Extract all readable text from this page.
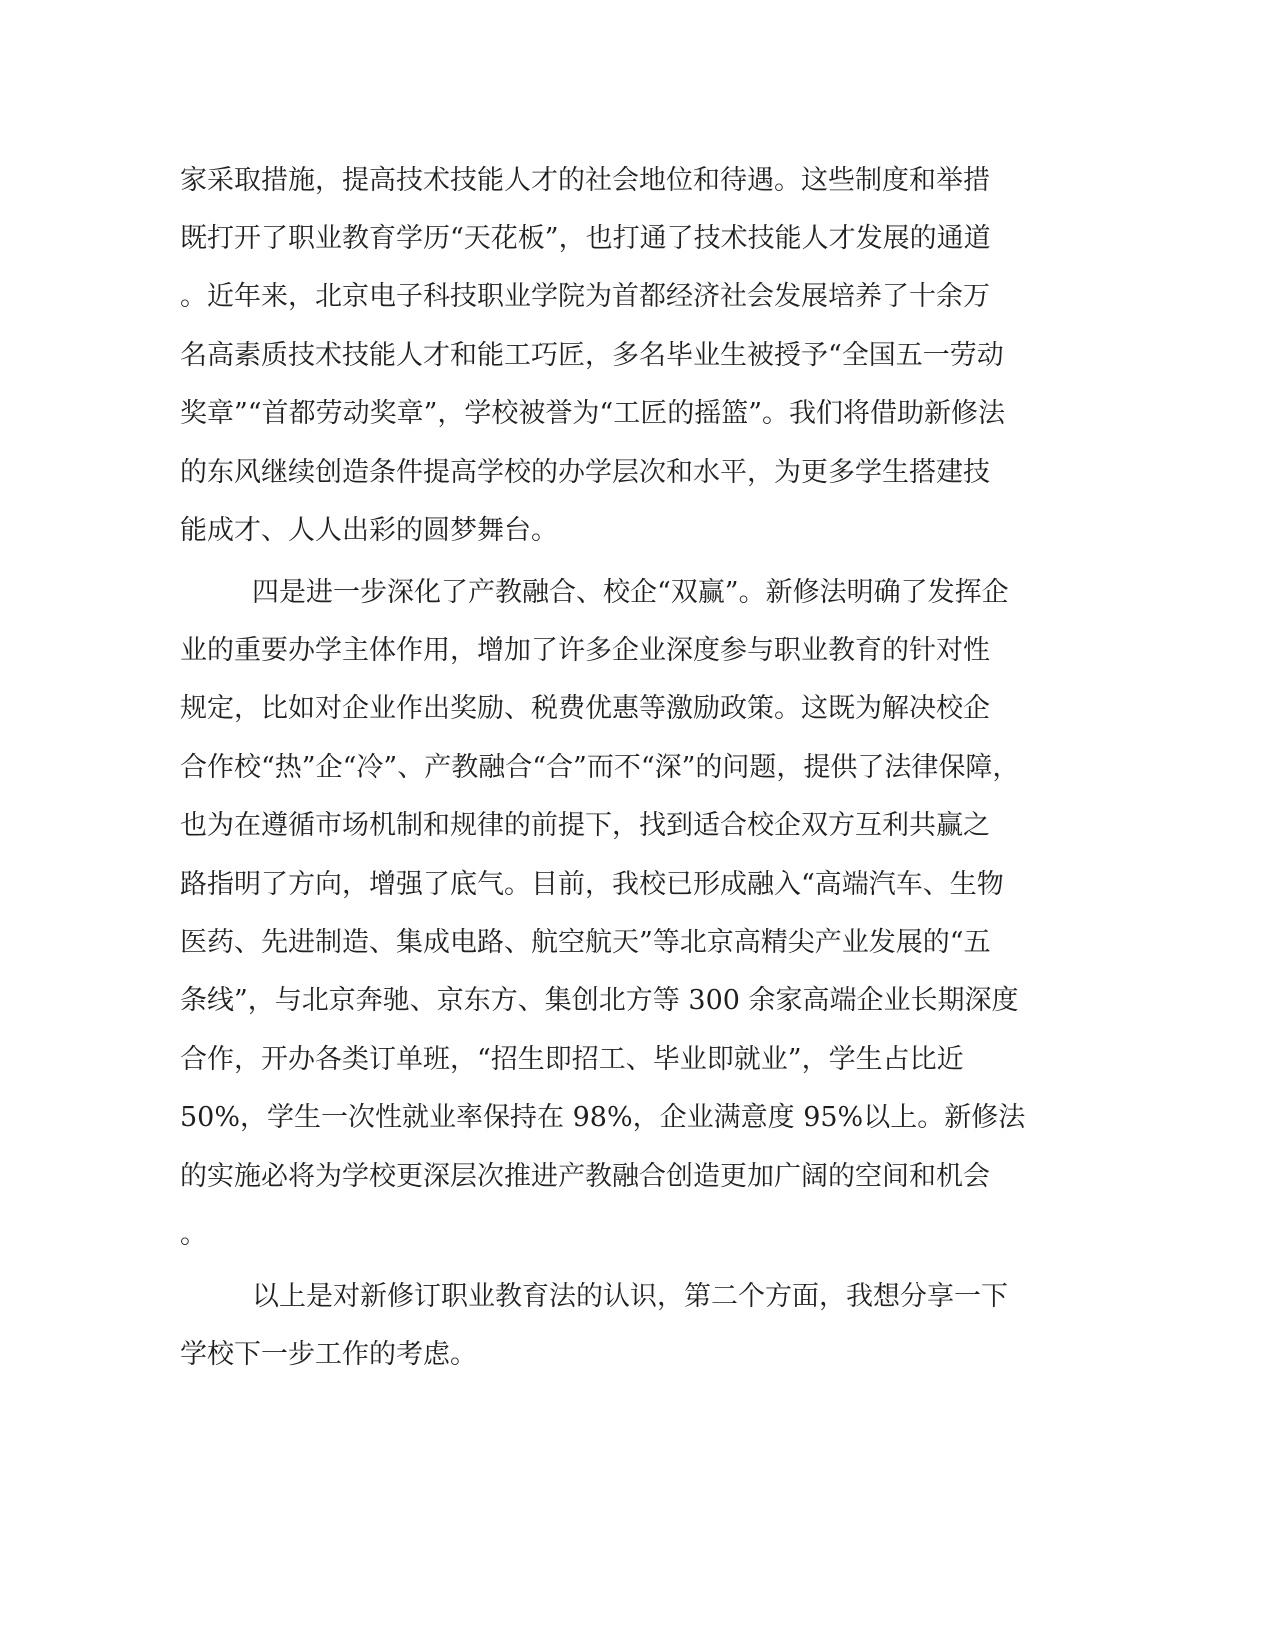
家采取措施，提高技术技能人才的社会地位和待遇。这些制度和举措

既打开了职业教育学历“天花板”，也打通了技术技能人才发展的通道

。近年来，北京电子科技职业学院为首都经济社会发展培养了十余万

名高素质技术技能人才和能工巧匠，多名毕业生被授予“全国五一劳动

奖章”“首都劳动奖章”，学校被誉为“工匠的摇篮”。我们将借助新修法

的东风继续创造条件提高学校的办学层次和水平，为更多学生搭建技

能成才、人人出彩的圆梦舞台。

四是进一步深化了产教融合、校企“双赢”。新修法明确了发挥企

业的重要办学主体作用，增加了许多企业深度参与职业教育的针对性

规定，比如对企业作出奖励、税费优惠等激励政策。这既为解决校企

合作校“热”企“冷”、产教融合“合”而不“深”的问题，提供了法律保障，

也为在遵循市场机制和规律的前提下，找到适合校企双方互利共赢之

路指明了方向，增强了底气。目前，我校已形成融入“高端汽车、生物

医药、先进制造、集成电路、航空航天”等北京高精尖产业发展的“五

条线”，与北京奔驰、京东方、集创北方等 300 余家高端企业长期深度

合作，开办各类订单班，“招生即招工、毕业即就业”，学生占比近

50%，学生一次性就业率保持在 98%，企业满意度 95%以上。新修法

的实施必将为学校更深层次推进产教融合创造更加广阔的空间和机会

。

以上是对新修订职业教育法的认识，第二个方面，我想分享一下

学校下一步工作的考虑。
